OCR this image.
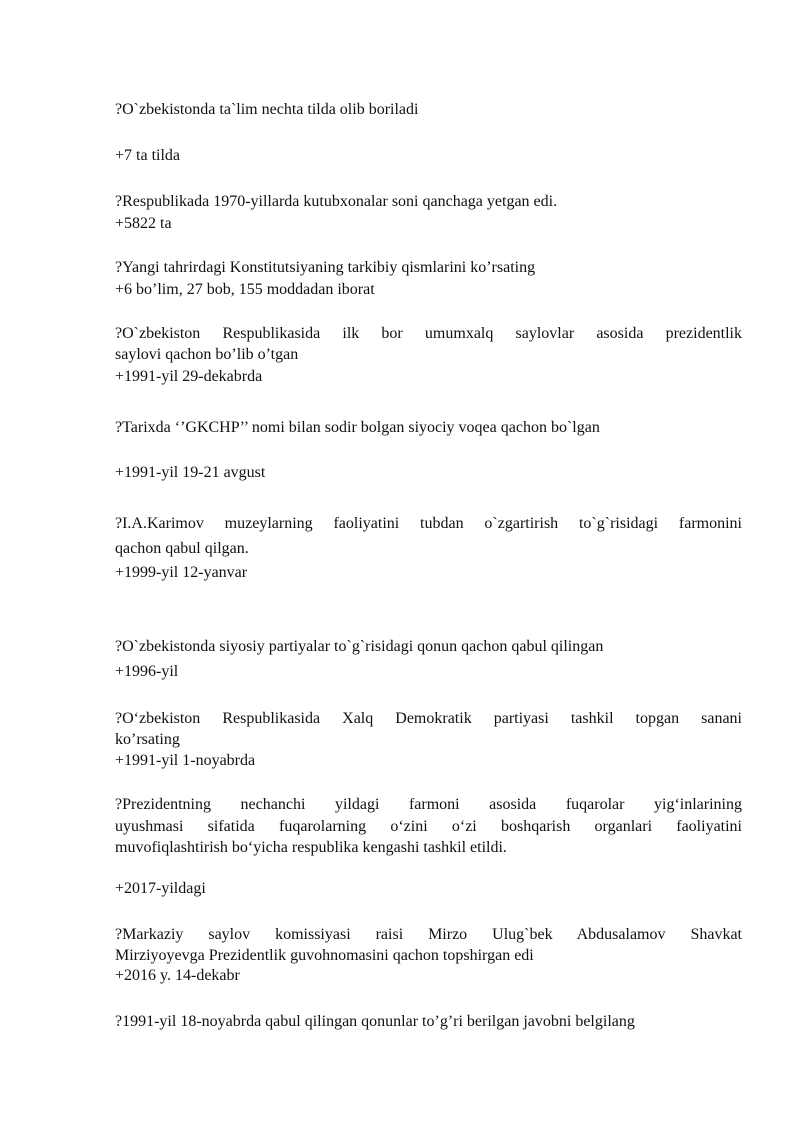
?O`zbekistonda ta`lim nechta tilda olib boriladi
+7 ta tilda
?Respublikada 1970-yillarda kutubxonalar soni qanchaga yetgan edi.
+5822 ta
?Yangi tahrirdagi Konstitutsiyaning tarkibiy qismlarini ko’rsating
+6 bo’lim, 27 bob, 155 moddadan iborat
?O`zbekiston Respublikasida ilk bor umumxalq saylovlar asosida prezidentlik
saylovi qachon bo’lib o’tgan
+1991-yil 29-dekabrda
?Tarixda ‘’GKCHP’’ nomi bilan sodir bolgan siyociy voqea qachon bo`lgan
+1991-yil 19-21 avgust
?I.A.Karimov muzeylarning faoliyatini tubdan o`zgartirish to`g`risidagi farmonini
qachon qabul qilgan.
+1999-yil 12-yanvar
?O`zbekistonda siyosiy partiyalar to`g`risidagi qonun qachon qabul qilingan
+1996-yil
?O‘zbekiston Respublikasida Xalq Demokratik partiyasi tashkil topgan sanani
ko’rsating
+1991-yil 1-noyabrda
?Prezidentning nechanchi yildagi farmoni asosida fuqarolar yig‘inlarining
uyushmasi sifatida fuqarolarning o‘zini o‘zi boshqarish organlari faoliyatini
muvofiqlashtirish bo‘yicha respublika kengashi tashkil etildi.
+2017-yildagi
?Markaziy saylov komissiyasi raisi Mirzo Ulug`bek Abdusalamov Shavkat
Mirziyoyevga Prezidentlik guvohnomasini qachon topshirgan edi
+2016 y. 14-dekabr
?1991-yil 18-noyabrda qabul qilingan qonunlar to’g’ri berilgan javobni belgilang
